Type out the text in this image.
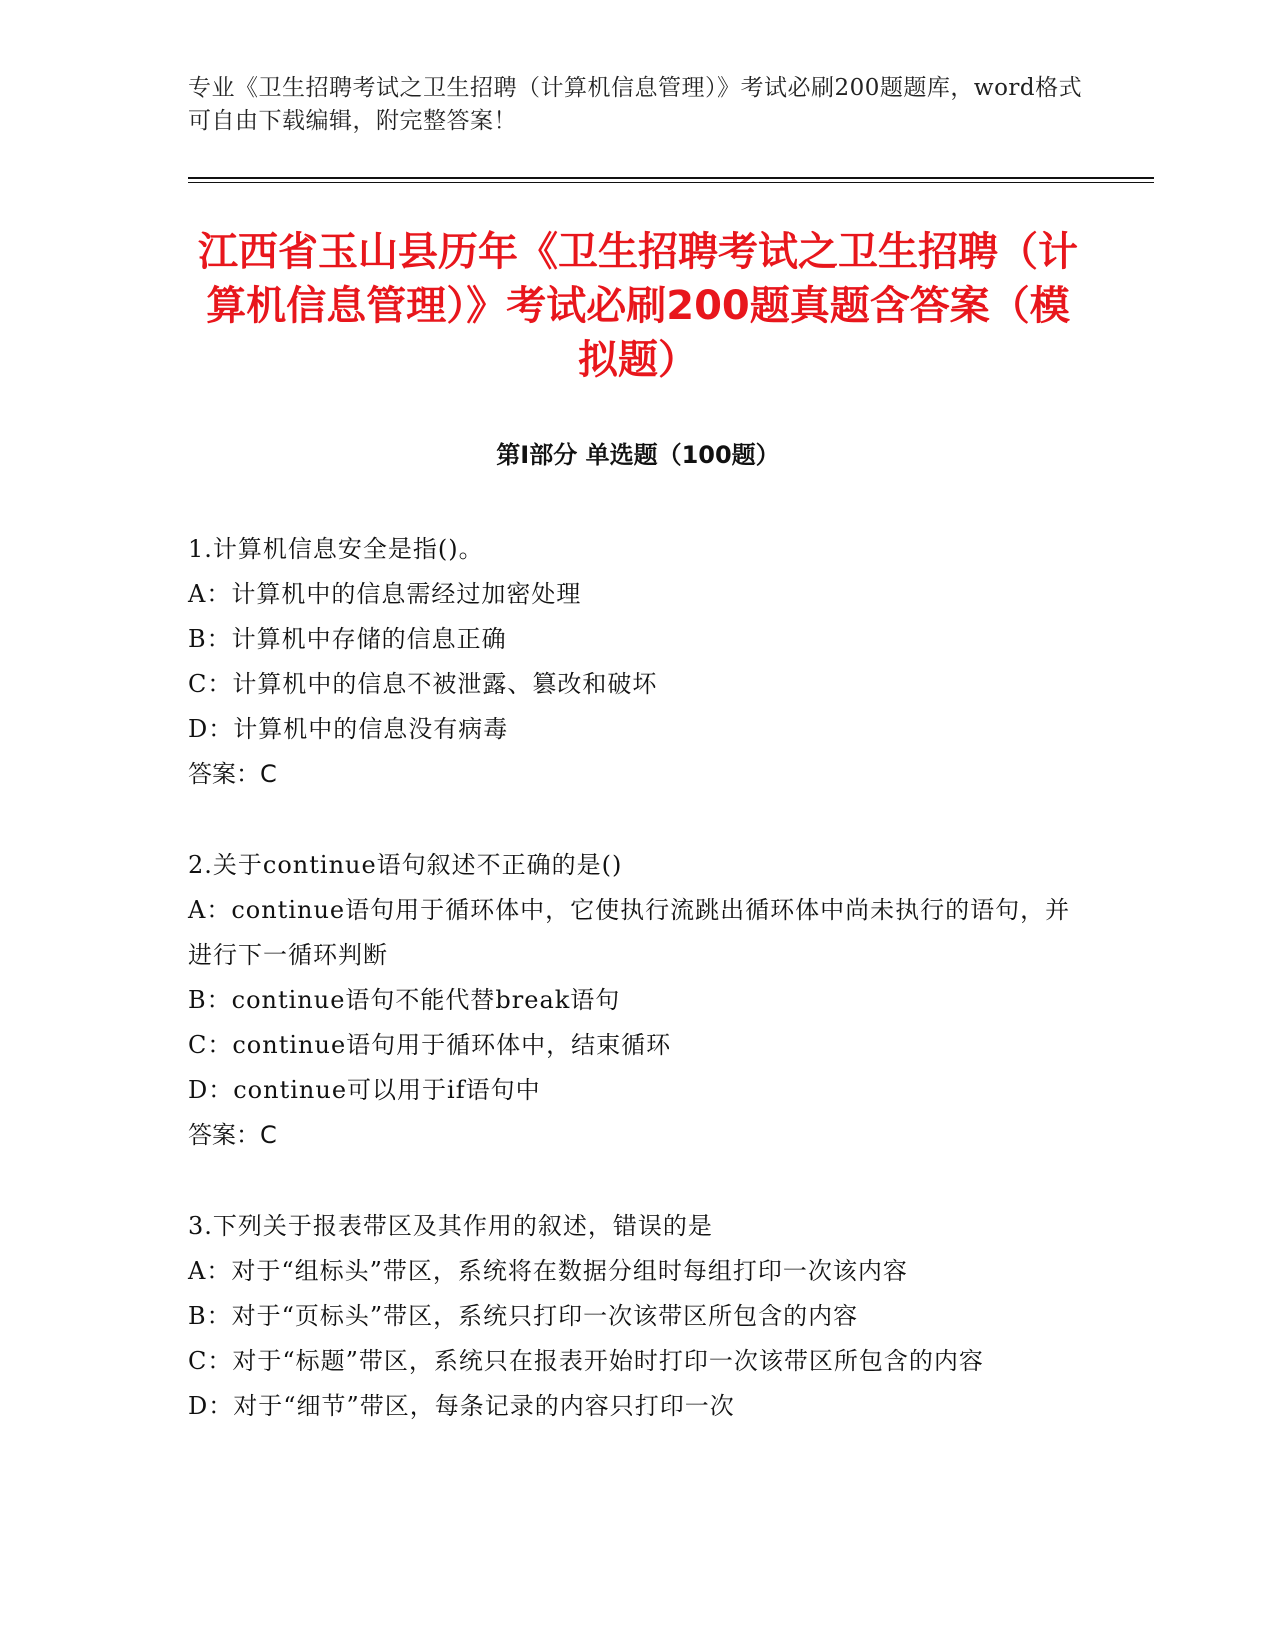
专业《卫生招聘考试之卫生招聘（计算机信息管理）》考试必刷200题题库，word格式可自由下载编辑，附完整答案！
江西省玉山县历年《卫生招聘考试之卫生招聘（计算机信息管理）》考试必刷200题真题含答案（模拟题）
第Ⅰ部分 单选题（100题）

1.计算机信息安全是指()。

A：计算机中的信息需经过加密处理

B：计算机中存储的信息正确

C：计算机中的信息不被泄露、篡改和破坏

D：计算机中的信息没有病毒

答案：C

2.关于continue语句叙述不正确的是()

A：continue语句用于循环体中，它使执行流跳出循环体中尚未执行的语句，并进行下一循环判断

B：continue语句不能代替break语句

C：continue语句用于循环体中，结束循环

D：continue可以用于if语句中

答案：C

3.下列关于报表带区及其作用的叙述，错误的是

A：对于“组标头”带区，系统将在数据分组时每组打印一次该内容

B：对于“页标头”带区，系统只打印一次该带区所包含的内容

C：对于“标题”带区，系统只在报表开始时打印一次该带区所包含的内容

D：对于“细节”带区，每条记录的内容只打印一次
